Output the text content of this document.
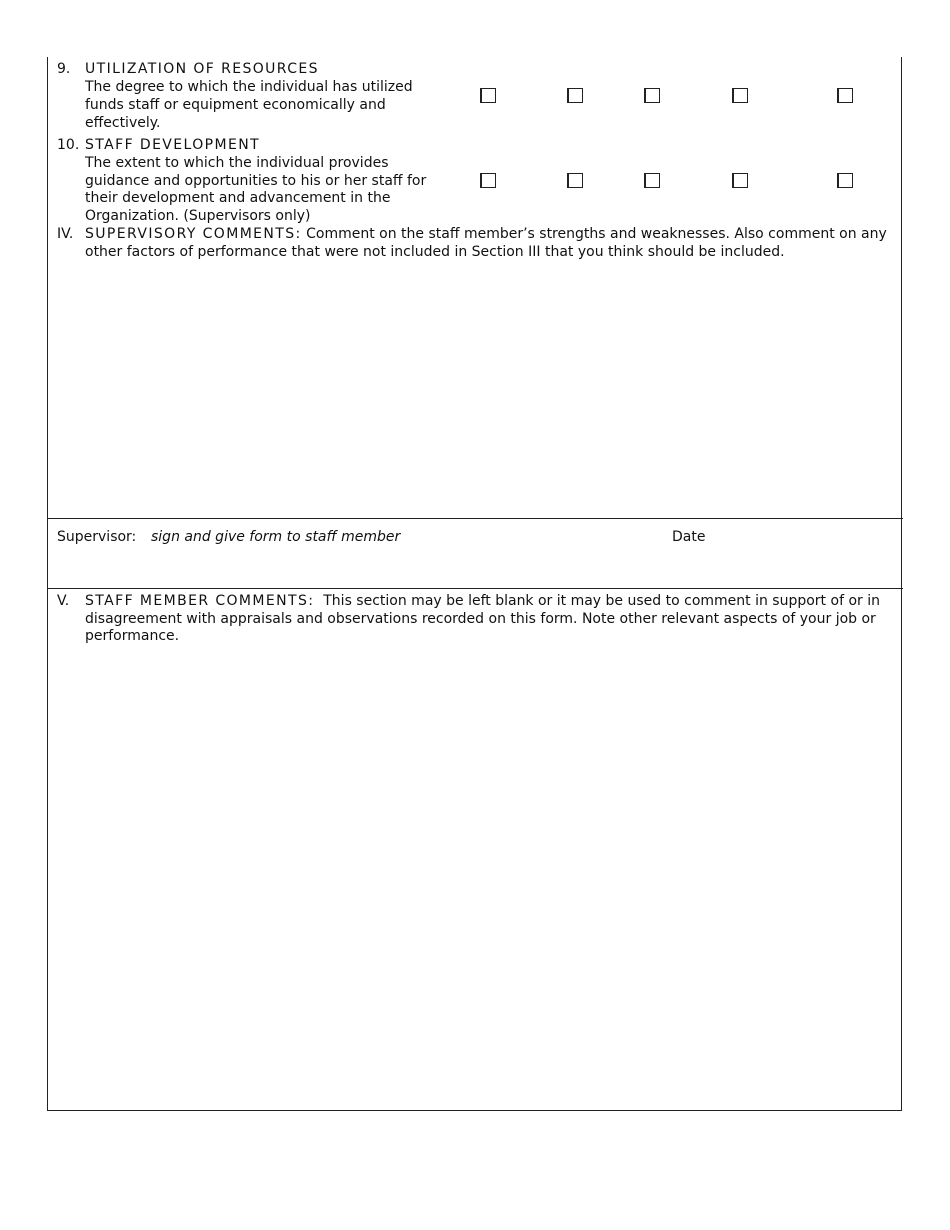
9. UTILIZATION OF RESOURCES
The degree to which the individual has utilized
funds staff or equipment economically and
effectively.
10. STAFF DEVELOPMENT
The extent to which the individual provides
guidance and opportunities to his or her staff for
their development and advancement in the
Organization. (Supervisors only)
IV. SUPERVISORY COMMENTS: Comment on the staff member’s strengths and weaknesses. Also comment on any
other factors of performance that were not included in Section III that you think should be included.
Supervisor: sign and give form to staff member	Date
V. STAFF MEMBER COMMENTS: This section may be left blank or it may be used to comment in support of or in
disagreement with appraisals and observations recorded on this form. Note other relevant aspects of your job or
performance.
